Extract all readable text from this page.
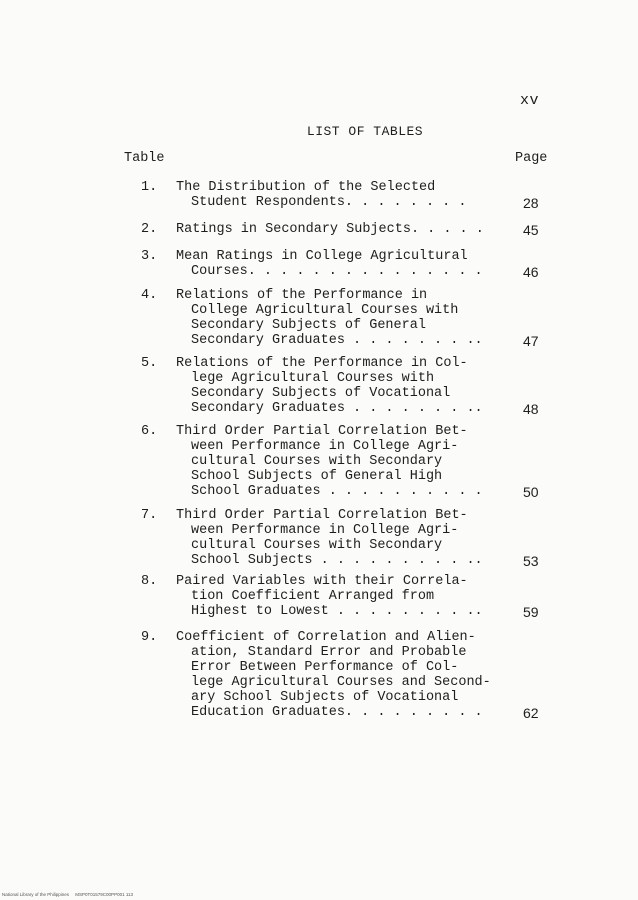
xv
LIST OF TABLES
Table	Page
1. The Distribution of the Selected
Student Respondents. . . . . . . .	28
2. Ratings in Secondary Subjects. . . . .	45
3. Mean Ratings in College Agricultural
Courses. . . . . . . . . . . . . . .	46
4. Relations of the Performance in
College Agricultural Courses with
Secondary Subjects of General
Secondary Graduates . . . . . . . ..	47
5. Relations of the Performance in Col-
lege Agricultural Courses with
Secondary Subjects of Vocational
Secondary Graduates . . . . . . . ..	48
6. Third Order Partial Correlation Bet-
ween Performance in College Agri-
cultural Courses with Secondary
School Subjects of General High
School Graduates . . . . . . . . . .	50
7. Third Order Partial Correlation Bet-
ween Performance in College Agri-
cultural Courses with Secondary
School Subjects . . . . . . . . . ..	53
8. Paired Variables with their Correla-
tion Coefficient Arranged from
Highest to Lowest . . . . . . . . ..	59
9. Coefficient of Correlation and Alien-
ation, Standard Error and Probable
Error Between Performance of Col-
lege Agricultural Courses and Second-
ary School Subjects of Vocational
Education Graduates. . . . . . . . .	62
National Library of the Philippines     MSP0T01579C00PP001 113
